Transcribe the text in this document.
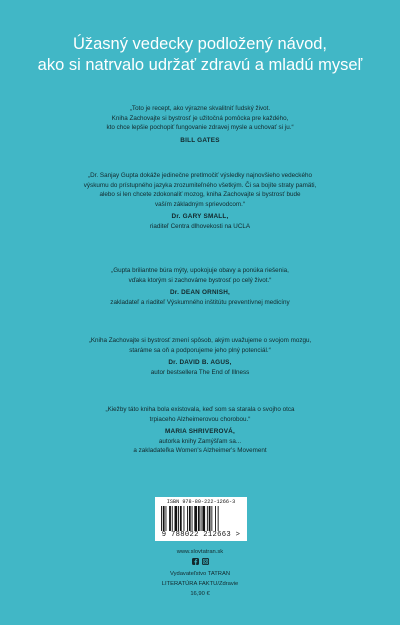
Úžasný vedecky podložený návod,
ako si natrvalo udržať zdravú a mladú myseľ
„Toto je recept, ako výrazne skvalitniť ľudský život.
Kniha Zachovajte si bystrosť je užitočná pomôcka pre každého,
kto chce lepšie pochopiť fungovanie zdravej mysle a uchovať si ju.“
BILL GATES
„Dr. Sanjay Gupta dokáže jedinečne pretlmočiť výsledky najnovšieho vedeckého
výskumu do prístupného jazyka zrozumiteľného všetkým. Či sa bojíte straty pamäti,
alebo si len chcete zdokonaliť mozog, kniha Zachovajte si bystrosť bude
vaším základným sprievodcom.“
Dr. GARY SMALL,
riaditeľ Centra dlhovekosti na UCLA
„Gupta briliantne búra mýty, upokojuje obavy a ponúka riešenia,
vďaka ktorým si zachováme bystrosť po celý život.“
Dr. DEAN ORNISH,
zakladateľ a riaditeľ Výskumného inštitútu preventívnej medicíny
„Kniha Zachovajte si bystrosť zmení spôsob, akým uvažujeme o svojom mozgu,
staráme sa oň a podporujeme jeho plný potenciál.“
Dr. DAVID B. AGUS,
autor bestsellera The End of Illness
„Kiežby táto kniha bola existovala, keď som sa starala o svojho otca
trpiaceho Alzheimerovou chorobou.“
MARIA SHRIVEROVÁ,
autorka knihy Zamýšľam sa...
a zakladateľka Women's Alzheimer's Movement
ISBN 978-80-222-1266-3
9 788022 212663 >
www.slovtatran.sk

Vydavateľstvo TATRAN
LITERATÚRA FAKTU/Zdravie
16,90 €
